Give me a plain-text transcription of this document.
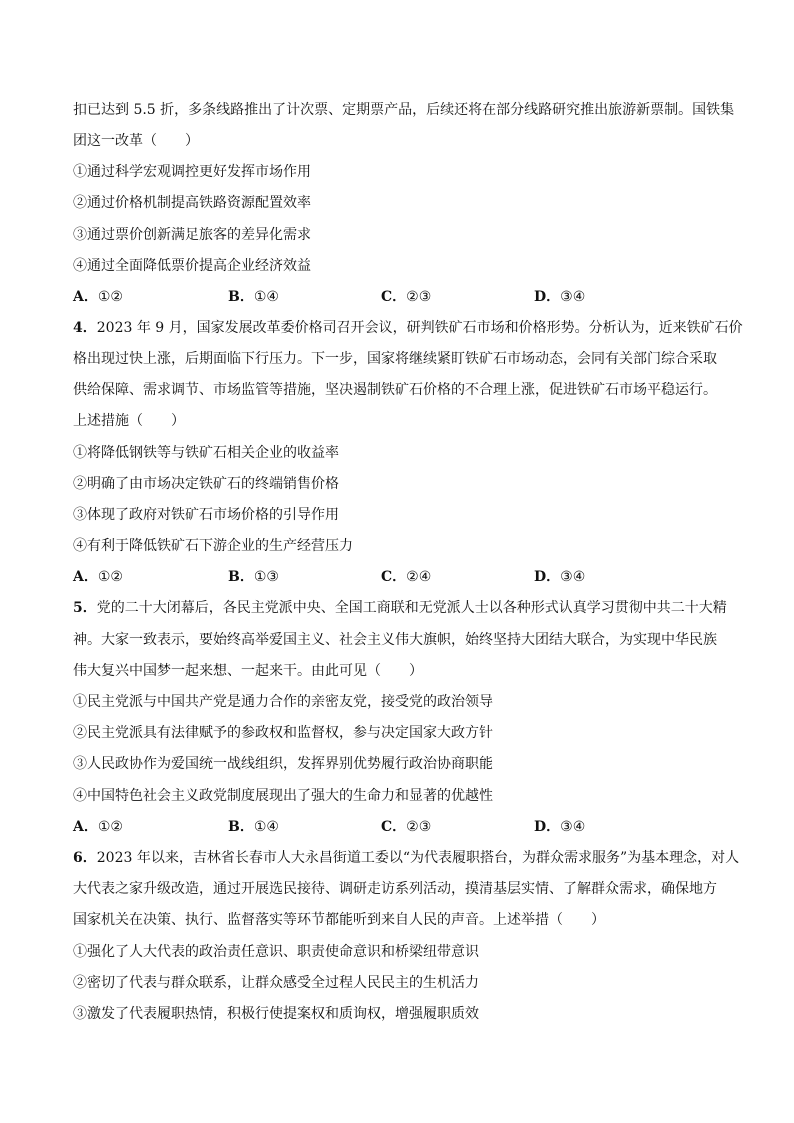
扣已达到 5.5 折，多条线路推出了计次票、定期票产品，后续还将在部分线路研究推出旅游新票制。国铁集
团这一改革（　　）
①通过科学宏观调控更好发挥市场作用
②通过价格机制提高铁路资源配置效率
③通过票价创新满足旅客的差异化需求
④通过全面降低票价提高企业经济效益
A．①②	B．①④	C．②③	D．③④
4．2023 年 9 月，国家发展改革委价格司召开会议，研判铁矿石市场和价格形势。分析认为，近来铁矿石价
格出现过快上涨，后期面临下行压力。下一步，国家将继续紧盯铁矿石市场动态，会同有关部门综合采取
供给保障、需求调节、市场监管等措施，坚决遏制铁矿石价格的不合理上涨，促进铁矿石市场平稳运行。
上述措施（　　）
①将降低钢铁等与铁矿石相关企业的收益率
②明确了由市场决定铁矿石的终端销售价格
③体现了政府对铁矿石市场价格的引导作用
④有利于降低铁矿石下游企业的生产经营压力
A．①②	B．①③	C．②④	D．③④
5．党的二十大闭幕后，各民主党派中央、全国工商联和无党派人士以各种形式认真学习贯彻中共二十大精
神。大家一致表示，要始终高举爱国主义、社会主义伟大旗帜，始终坚持大团结大联合，为实现中华民族
伟大复兴中国梦一起来想、一起来干。由此可见（　　）
①民主党派与中国共产党是通力合作的亲密友党，接受党的政治领导
②民主党派具有法律赋予的参政权和监督权，参与决定国家大政方针
③人民政协作为爱国统一战线组织，发挥界别优势履行政治协商职能
④中国特色社会主义政党制度展现出了强大的生命力和显著的优越性
A．①②	B．①④	C．②③	D．③④
6．2023 年以来，吉林省长春市人大永昌街道工委以“为代表履职搭台，为群众需求服务”为基本理念，对人
大代表之家升级改造，通过开展选民接待、调研走访系列活动，摸清基层实情、了解群众需求，确保地方
国家机关在决策、执行、监督落实等环节都能听到来自人民的声音。上述举措（　　）
①强化了人大代表的政治责任意识、职责使命意识和桥梁纽带意识
②密切了代表与群众联系，让群众感受全过程人民民主的生机活力
③激发了代表履职热情，积极行使提案权和质询权，增强履职质效
